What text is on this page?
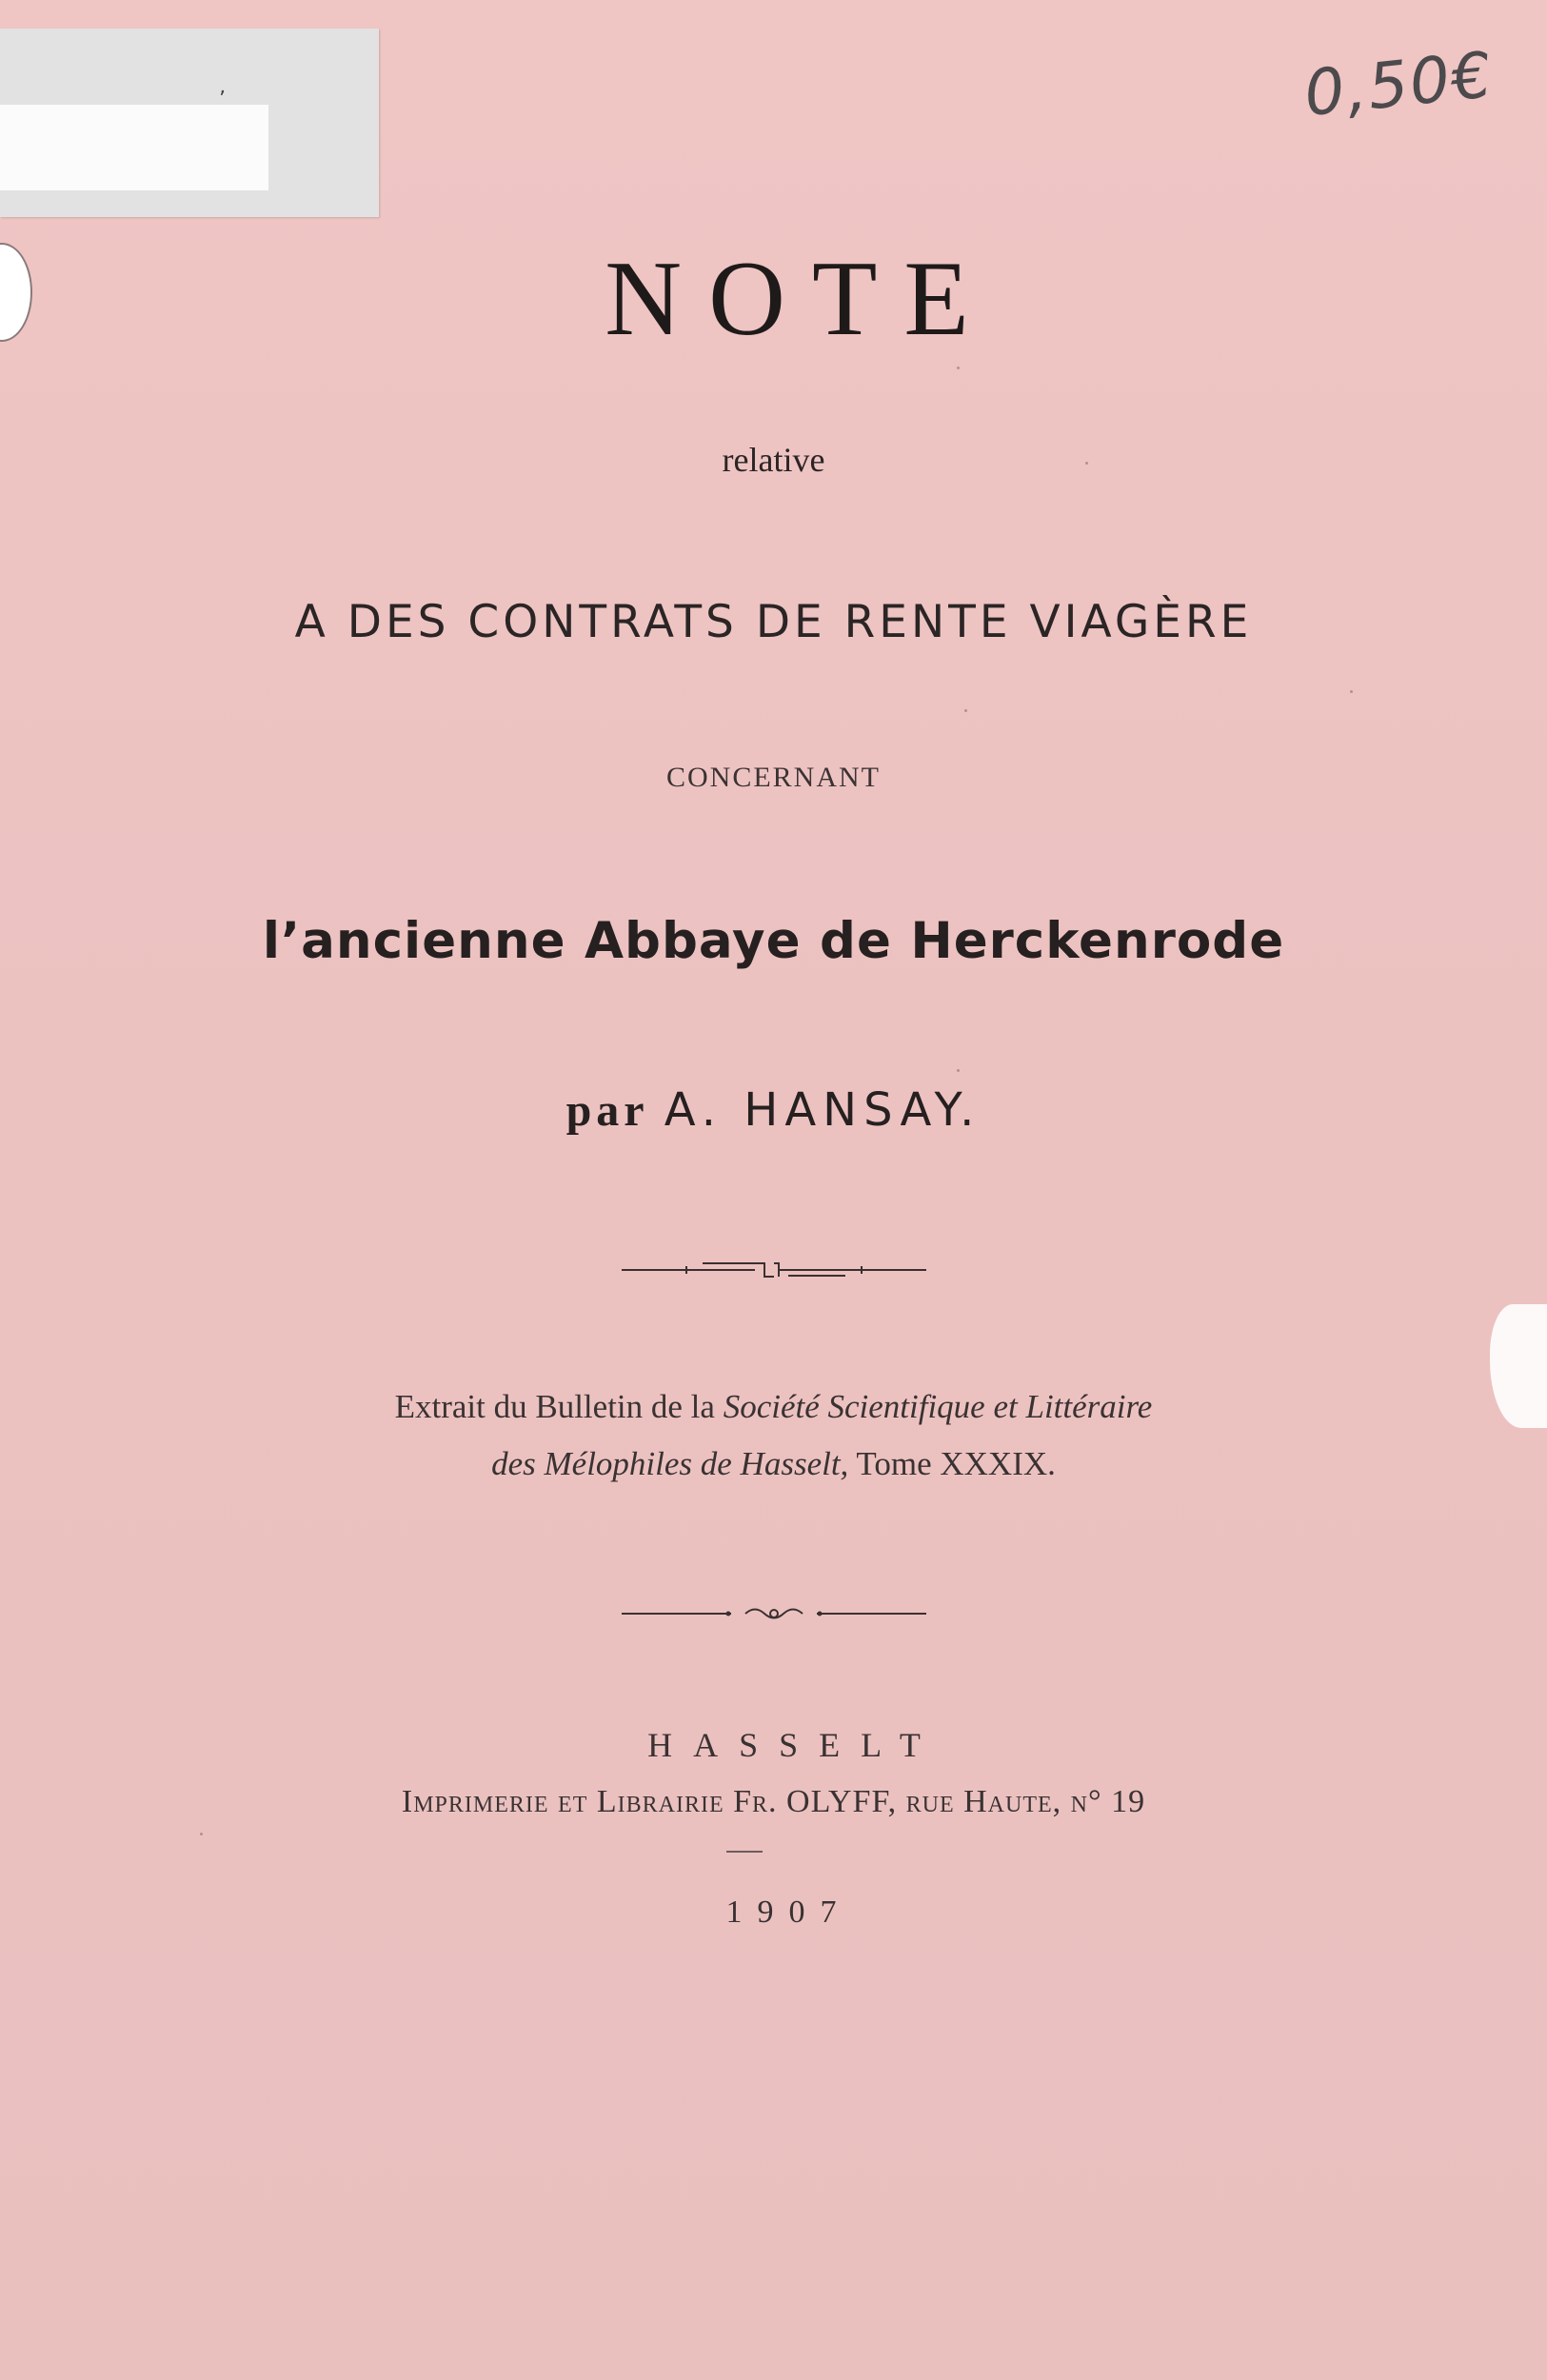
ʼ	0,50€
NOTE
relative
A DES CONTRATS DE RENTE VIAGÈRE
CONCERNANT
l’ancienne Abbaye de Herckenrode
par A. HANSAY.
Extrait du Bulletin de la Société Scientifique et Littéraire
des Mélophiles de Hasselt, Tome XXXIX.
HASSELT
Imprimerie et Librairie Fr. OLYFF, rue Haute, n° 19
1907
